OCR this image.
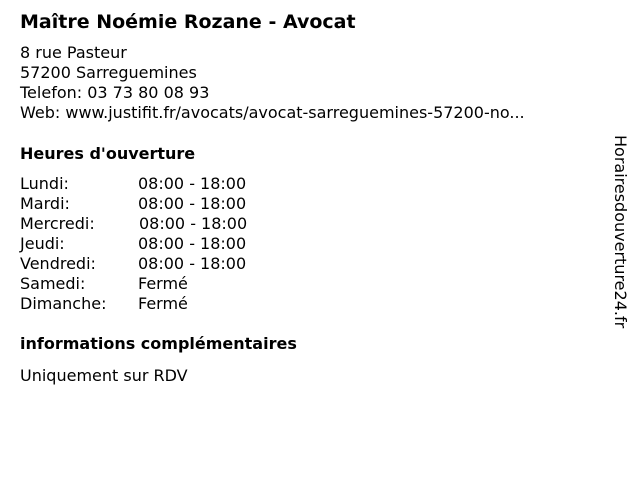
Maître Noémie Rozane - Avocat
8 rue Pasteur
57200 Sarreguemines
Telefon: 03 73 80 08 93
Web: www.justifit.fr/avocats/avocat-sarreguemines-57200-no...
Heures d'ouverture
Lundi:	08:00 - 18:00
Mardi:	08:00 - 18:00
Mercredi:	08:00 - 18:00
Jeudi:	08:00 - 18:00
Vendredi:	08:00 - 18:00
Samedi:	Fermé
Dimanche: Fermé
informations complémentaires
Uniquement sur RDV
Horairesdouverture24.fr
